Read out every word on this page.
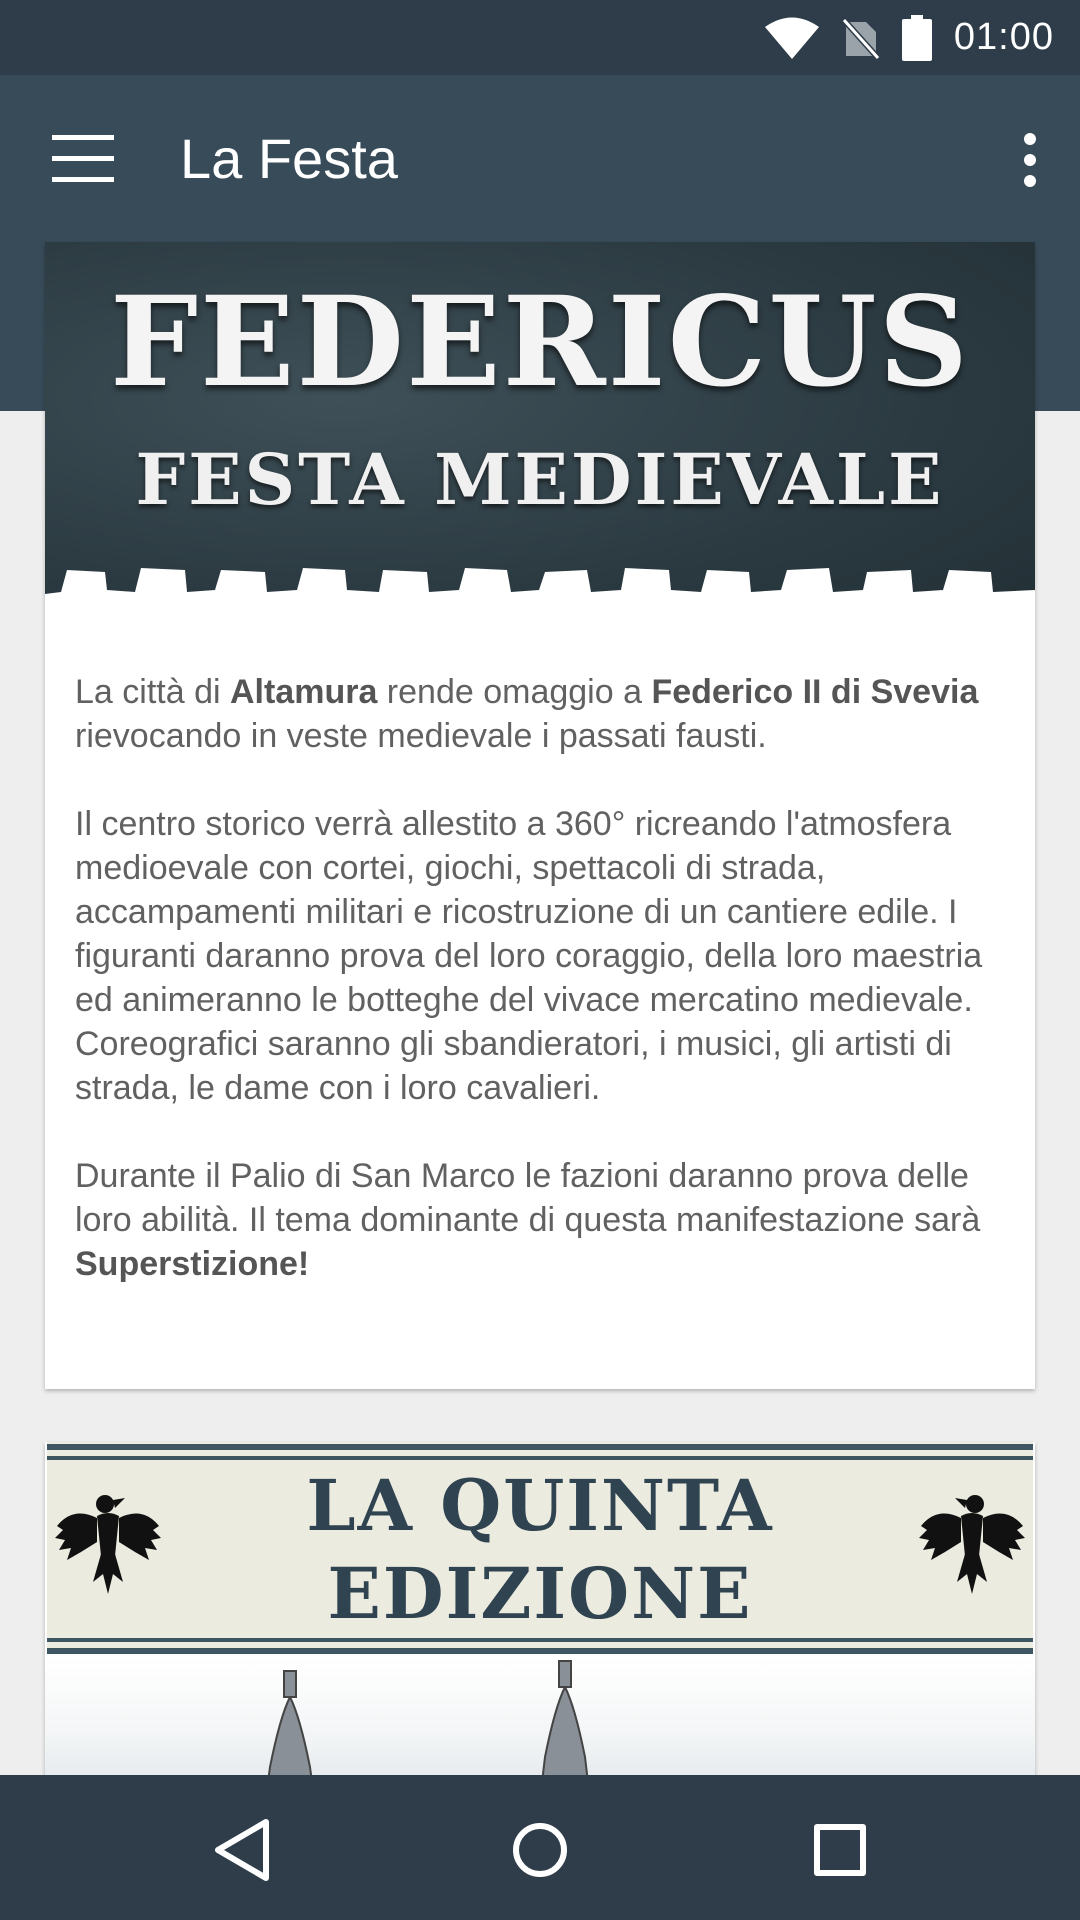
01:00
FEDERICUS
FESTA MEDIEVALE

La città di Altamura rende omaggio a Federico II di Svevia rievocando in veste medievale i passati fausti.

Il centro storico verrà allestito a 360° ricreando l'atmosfera medioevale con cortei, giochi, spettacoli di strada, accampamenti militari e ricostruzione di un cantiere edile. I figuranti daranno prova del loro coraggio, della loro maestria ed animeranno le botteghe del vivace mercatino medievale. Coreografici saranno gli sbandieratori, i musici, gli artisti di strada, le dame con i loro cavalieri.

Durante il Palio di San Marco le fazioni daranno prova delle loro abilità. Il tema dominante di questa manifestazione sarà Superstizione!

LA QUINTA
EDIZIONE
La Festa
